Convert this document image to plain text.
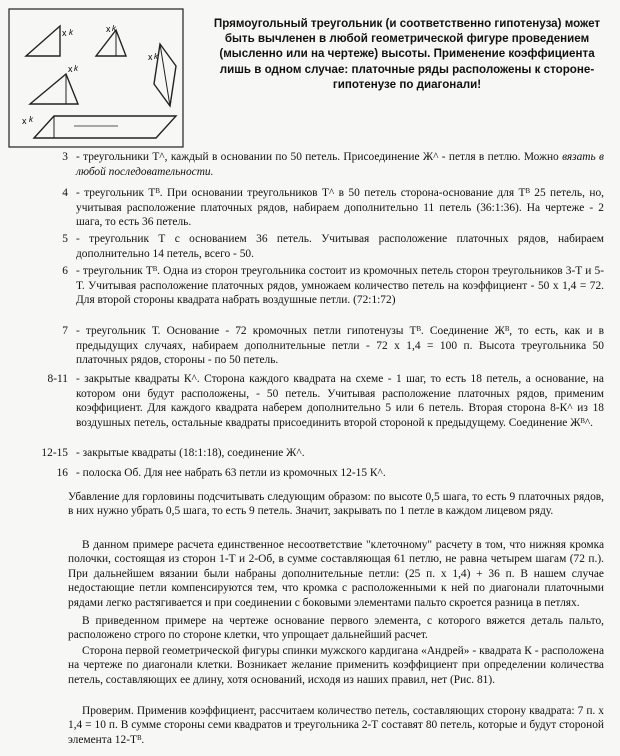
x k	x k
x k
x k
x k
Прямоугольный треугольник (и соответственно гипотенуза) может быть вычленен в любой геометрической фигуре проведением (мысленно или на чертеже) высоты. Применение коэффициента лишь в одном случае: платочные ряды расположены к стороне-гипотенузе по диагонали!
3 - треугольники Т^, каждый в основании по 50 петель. Присоединение Ж^ - петля в петлю. Можно вязать в любой последовательности.
4 - треугольник Тᴮ. При основании треугольников Т^ в 50 петель сторона-основание для Тᴮ 25 петель, но, учитывая расположение платочных рядов, набираем дополнительно 11 петель (36:1:36). На чертеже - 2 шага, то есть 36 петель.
5 - треугольник Т с основанием 36 петель. Учитывая расположение платочных рядов, набираем дополнительно 14 петель, всего - 50.
6 - треугольник Тᴮ. Одна из сторон треугольника состоит из кромочных петель сторон треугольников 3-Т и 5-Т. Учитывая расположение платочных рядов, умножаем количество петель на коэффициент - 50 х 1,4 = 72. Для второй стороны квадрата набрать воздушные петли. (72:1:72)
7 - треугольник Т. Основание - 72 кромочных петли гипотенузы Тᴮ. Соединение Жᴮ, то есть, как и в предыдущих случаях, набираем дополнительные петли - 72 х 1,4 = 100 п. Высота треугольника 50 платочных рядов, стороны - по 50 петель.
8-11 - закрытые квадраты К^. Сторона каждого квадрата на схеме - 1 шаг, то есть 18 петель, а основание, на котором они будут расположены, - 50 петель. Учитывая расположение платочных рядов, применим коэффициент. Для каждого квадрата наберем дополнительно 5 или 6 петель. Вторая сторона 8-К^ из 18 воздушных петель, остальные квадраты присоединить второй стороной к предыдущему. Соединение Жᴮ^.
12-15 - закрытые квадраты (18:1:18), соединение Ж^.
16 - полоска Об. Для нее набрать 63 петли из кромочных 12-15 К^.
Убавление для горловины подсчитывать следующим образом: по высоте 0,5 шага, то есть 9 платочных рядов, в них нужно убрать 0,5 шага, то есть 9 петель. Значит, закрывать по 1 петле в каждом лицевом ряду.
В данном примере расчета единственное несоответствие "клеточному" расчету в том, что нижняя кромка полочки, состоящая из сторон 1-Т и 2-Об, в сумме составляющая 61 петлю, не равна четырем шагам (72 п.). При дальнейшем вязании были набраны дополнительные петли: (25 п. х 1,4) + 36 п. В нашем случае недостающие петли компенсируются тем, что кромка с расположенными к ней по диагонали платочными рядами легко растягивается и при соединении с боковыми элементами пальто скроется разница в петлях.
В приведенном примере на чертеже основание первого элемента, с которого вяжется деталь пальто, расположено строго по стороне клетки, что упрощает дальнейший расчет.
Сторона первой геометрической фигуры спинки мужского кардигана «Андрей» - квадрата К - расположена на чертеже по диагонали клетки. Возникает желание применить коэффициент при определении количества петель, составляющих ее длину, хотя оснований, исходя из наших правил, нет (Рис. 81).
Проверим. Применив коэффициент, рассчитаем количество петель, составляющих сторону квадрата: 7 п. х 1,4 = 10 п. В сумме стороны семи квадратов и треугольника 2-Т составят 80 петель, которые и будут стороной элемента 12-Тᴮ.
